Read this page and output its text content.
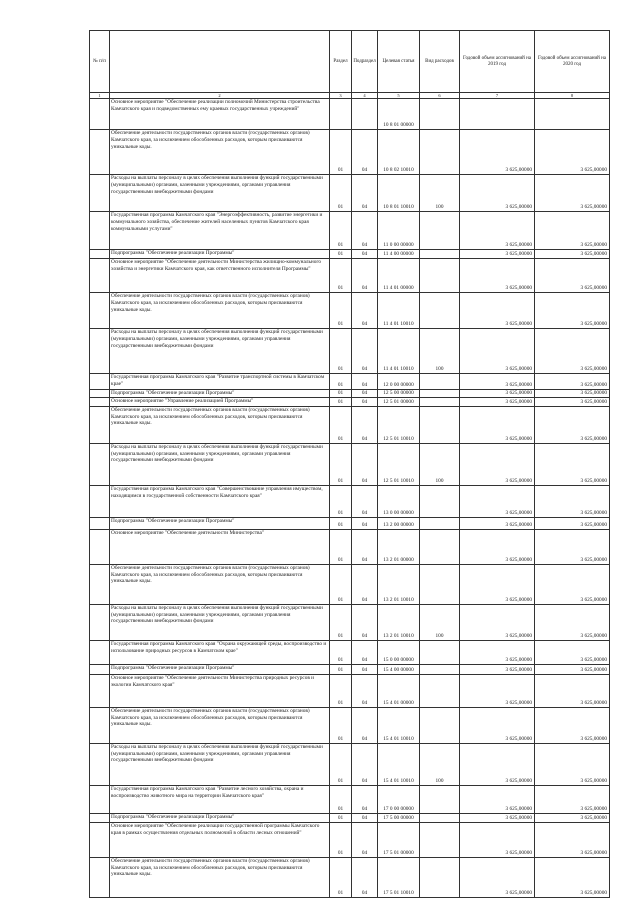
№ п/п		Раздел	Подраздел	Целевая статья	Вид расходов	Годовой объем ассигнований на 2019 год	Годовой объем ассигнований на 2020 год
1	2	3	4	5	6	7	8
	Основное мероприятие "Обеспечение реализации полномочий Министерства строительства Камчатского края и подведомственных ему краевых государственных учреждений"			10 8 01 00000			
	Обеспечение деятельности государственных органов власти (государственных органов) Камчатского края, за исключением обособленных расходов, которым присваиваются уникальные коды.	01	04	10 8 02 10010		3 625,00000	3 625,00000
	Расходы на выплаты персоналу в целях обеспечения выполнения функций государственными (муниципальными) органами, казенными учреждениями, органами управления государственными внебюджетными фондами	01	04	10 8 01 10010	100	3 625,00000	3 625,00000
	Государственная программа Камчатского края "Энергоэффективность, развитие энергетики и коммунального хозяйства, обеспечение жителей населенных пунктов Камчатского края коммунальными услугами"	01	04	11 0 00 00000		3 625,00000	3 625,00000
	Подпрограмма "Обеспечение реализации Программы"	01	04	11 4 00 00000		3 625,00000	3 625,00000
	Основное мероприятие "Обеспечение деятельности Министерства жилищно-коммунального хозяйства и энергетики Камчатского края, как ответственного исполнителя Программы"	01	04	11 4 01 00000		3 625,00000	3 625,00000
	Обеспечение деятельности государственных органов власти (государственных органов) Камчатского края, за исключением обособленных расходов, которым присваиваются уникальные коды.	01	04	11 4 01 10010		3 625,00000	3 625,00000
	Расходы на выплаты персоналу в целях обеспечения выполнения функций государственными (муниципальными) органами, казенными учреждениями, органами управления государственными внебюджетными фондами	01	04	11 4 01 10010	100	3 625,00000	3 625,00000
	Государственная программа Камчатского края "Развитие транспортной системы в Камчатском крае"	01	04	12 0 00 00000		3 625,00000	3 625,00000
	Подпрограмма "Обеспечение реализации Программы"	01	04	12 5 00 00000		3 625,00000	3 625,00000
	Основное мероприятие "Управление реализацией Программы"	01	04	12 5 01 00000		3 625,00000	3 625,00000
	Обеспечение деятельности государственных органов власти (государственных органов) Камчатского края, за исключением обособленных расходов, которым присваиваются уникальные коды.	01	04	12 5 01 10010		3 625,00000	3 625,00000
	Расходы на выплаты персоналу в целях обеспечения выполнения функций государственными (муниципальными) органами, казенными учреждениями, органами управления государственными внебюджетными фондами	01	04	12 5 01 10010	100	3 625,00000	3 625,00000
	Государственная программа Камчатского края "Совершенствование управления имуществом, находящимся в государственной собственности Камчатского края"	01	04	13 0 00 00000		3 625,00000	3 625,00000
	Подпрограмма "Обеспечение реализации Программы"	01	04	13 2 00 00000		3 625,00000	3 625,00000
	Основное мероприятие "Обеспечение деятельности Министерства"	01	04	13 2 01 00000		3 625,00000	3 625,00000
	Обеспечение деятельности государственных органов власти (государственных органов) Камчатского края, за исключением обособленных расходов, которым присваиваются уникальные коды.	01	04	13 2 01 10010		3 625,00000	3 625,00000
	Расходы на выплаты персоналу в целях обеспечения выполнения функций государственными (муниципальными) органами, казенными учреждениями, органами управления государственными внебюджетными фондами	01	04	13 2 01 10010	100	3 625,00000	3 625,00000
	Государственная программа Камчатского края "Охрана окружающей среды, воспроизводство и использование природных ресурсов в Камчатском крае"	01	04	15 0 00 00000		3 625,00000	3 625,00000
	Подпрограмма "Обеспечение реализации Программы"	01	04	15 4 00 00000		3 625,00000	3 625,00000
	Основное мероприятие "Обеспечение деятельности Министерства природных ресурсов и экологии Камчатского края"	01	04	15 4 01 00000		3 625,00000	3 625,00000
	Обеспечение деятельности государственных органов власти (государственных органов) Камчатского края, за исключением обособленных расходов, которым присваиваются уникальные коды.	01	04	15 4 01 10010		3 625,00000	3 625,00000
	Расходы на выплаты персоналу в целях обеспечения выполнения функций государственными (муниципальными) органами, казенными учреждениями, органами управления государственными внебюджетными фондами	01	04	15 4 01 10010	100	3 625,00000	3 625,00000
	Государственная программа Камчатского края "Развитие лесного хозяйства, охрана и воспроизводство животного мира на территории Камчатского края"	01	04	17 0 00 00000		3 625,00000	3 625,00000
	Подпрограмма "Обеспечение реализации Программы"	01	04	17 5 00 00000		3 625,00000	3 625,00000
	Основное мероприятие "Обеспечение реализации государственной программы Камчатского края в рамках осуществления отдельных полномочий в области лесных отношений"	01	04	17 5 01 00000		3 625,00000	3 625,00000
	Обеспечение деятельности государственных органов власти (государственных органов) Камчатского края, за исключением обособленных расходов, которым присваиваются уникальные коды.	01	04	17 5 01 10010		3 625,00000	3 625,00000
